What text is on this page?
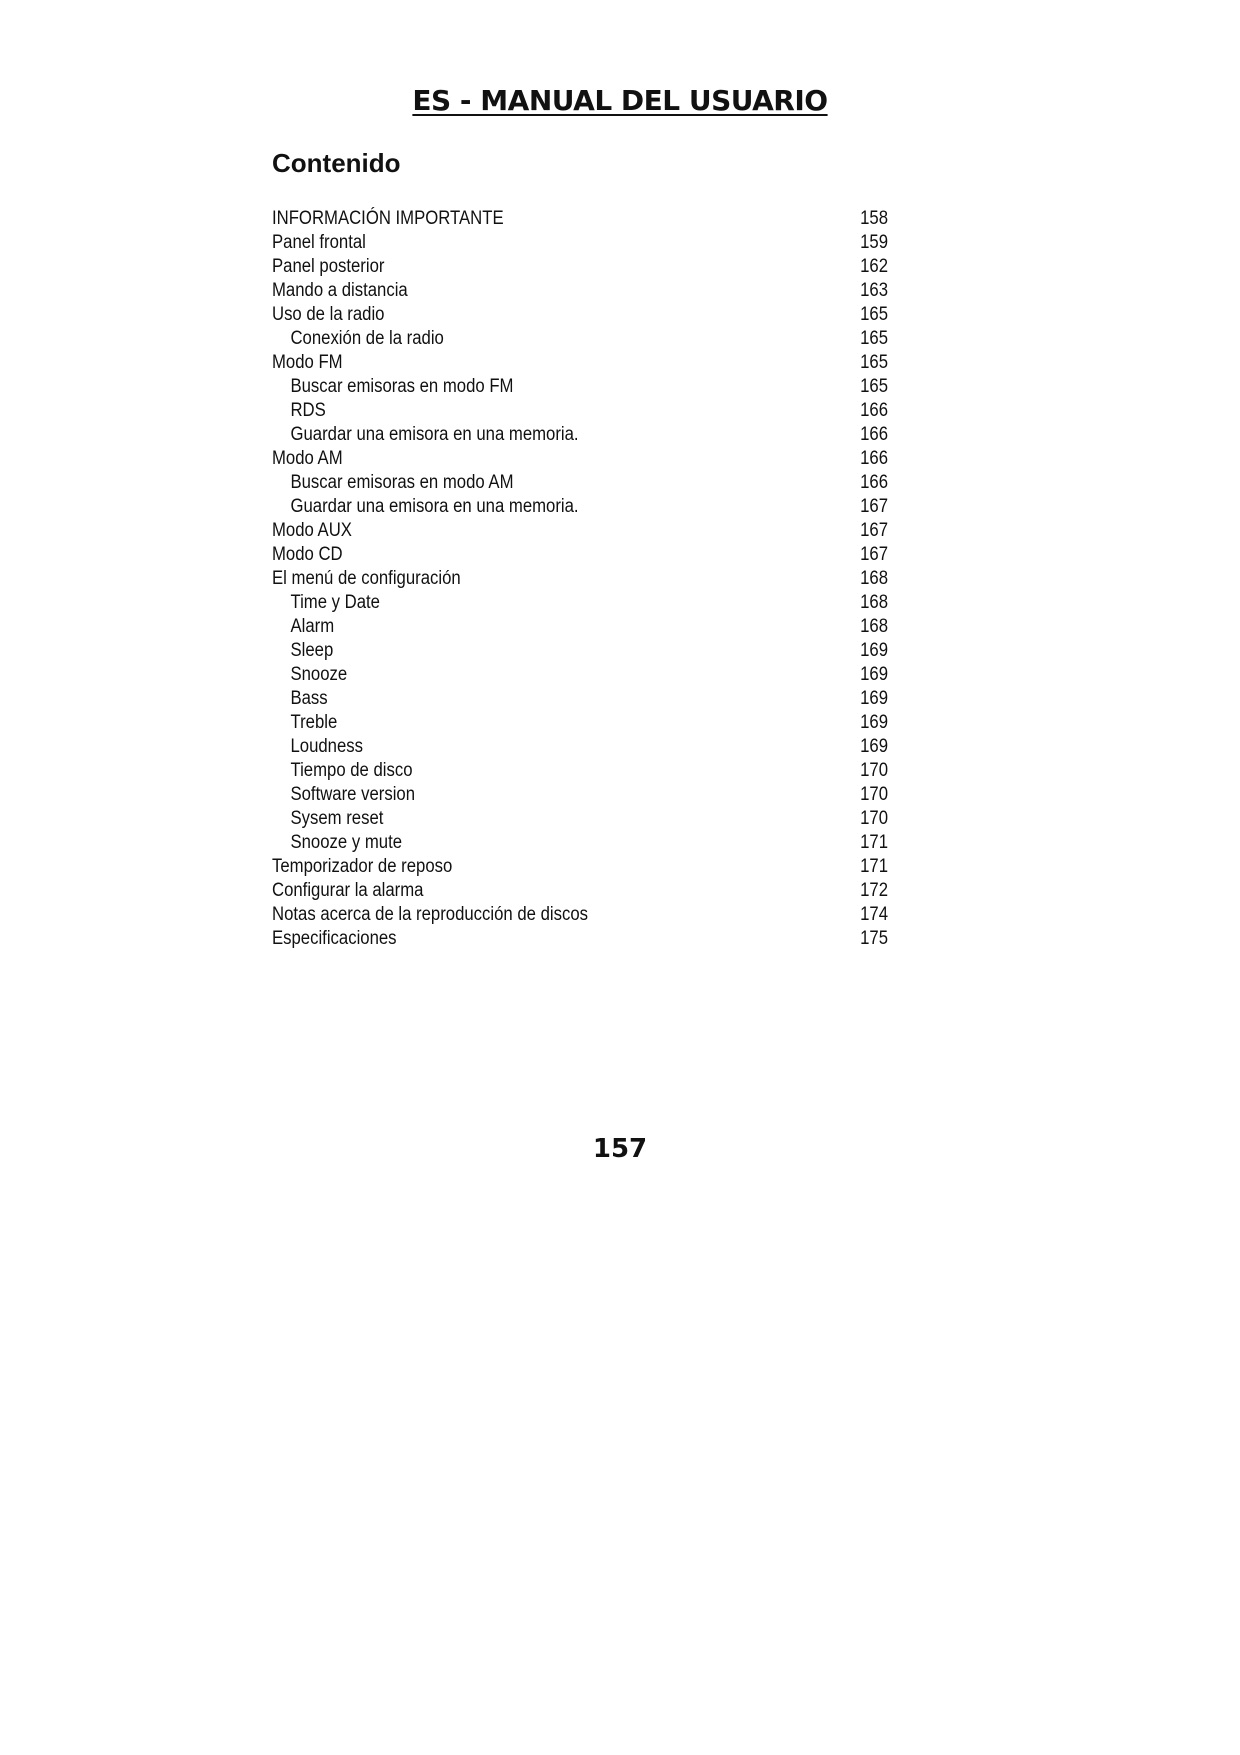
ES - MANUAL DEL USUARIO
Contenido
INFORMACIÓN IMPORTANTE	158
Panel frontal	159
Panel posterior	162
Mando a distancia	163
Uso de la radio	165
Conexión de la radio	165
Modo FM	165
Buscar emisoras en modo FM	165
RDS	166
Guardar una emisora en una memoria.	166
Modo AM	166
Buscar emisoras en modo AM	166
Guardar una emisora en una memoria.	167
Modo AUX	167
Modo CD	167
El menú de configuración	168
Time y Date	168
Alarm	168
Sleep	169
Snooze	169
Bass	169
Treble	169
Loudness	169
Tiempo de disco	170
Software version	170
Sysem reset	170
Snooze y mute	171
Temporizador de reposo	171
Configurar la alarma	172
Notas acerca de la reproducción de discos	174
Especificaciones	175
157
